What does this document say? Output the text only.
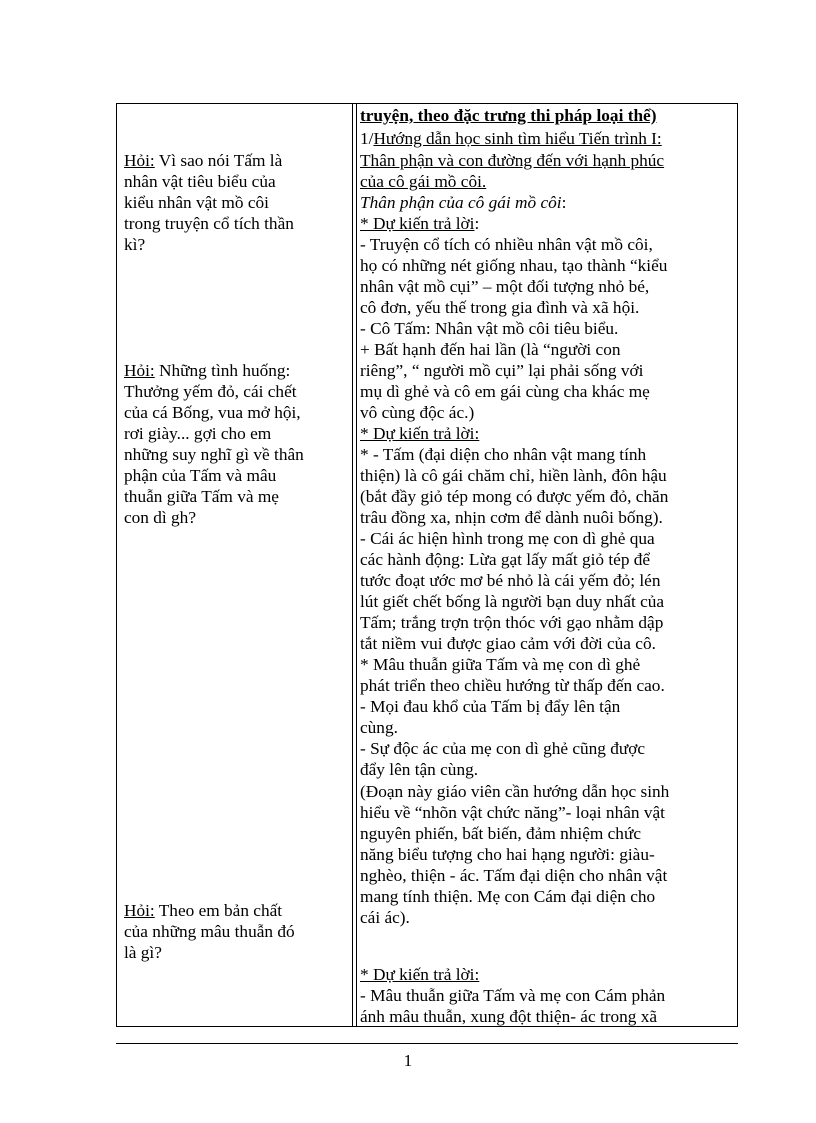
Hỏi: Vì sao nói Tấm là
nhân vật tiêu biểu của
kiểu nhân vật mồ côi
trong truyện cổ tích thần
kì?
Hỏi: Những tình huống:
Thưởng yếm đỏ, cái chết
của cá Bống, vua mở hội,
rơi giày... gợi cho em
những suy nghĩ gì về thân
phận của Tấm và mâu
thuẫn giữa Tấm và mẹ
con dì gh?
Hỏi: Theo em bản chất
của những mâu thuẫn đó
là gì?
truyện, theo đặc trưng thi pháp loại thể)
1/Hướng dẫn học sinh tìm hiểu Tiến trình I:
Thân phận và con đường đến với hạnh phúc
của cô gái mồ côi.
Thân phận của cô gái mồ côi:
* Dự kiến trả lời:
- Truyện cổ tích có nhiều nhân vật mồ côi,
họ có những nét giống nhau, tạo thành “kiểu
nhân vật mồ cụi” – một đối tượng nhỏ bé,
cô đơn, yếu thế trong gia đình và xã hội.
- Cô Tấm: Nhân vật mồ côi tiêu biểu.
+ Bất hạnh đến hai lần (là “người con
riêng”, “ người mồ cụi” lại phải sống với
mụ dì ghẻ và cô em gái cùng cha khác mẹ
vô cùng độc ác.)
* Dự kiến trả lời:
* - Tấm (đại diện cho nhân vật mang tính
thiện) là cô gái chăm chỉ, hiền lành, đôn hậu
(bắt đầy giỏ tép mong có được yếm đỏ, chăn
trâu đồng xa, nhịn cơm để dành nuôi bống).
- Cái ác hiện hình trong mẹ con dì ghẻ qua
các hành động: Lừa gạt lấy mất giỏ tép để
tước đoạt ước mơ bé nhỏ là cái yếm đỏ; lén
lút giết chết bống là người bạn duy nhất của
Tấm; trắng trợn trộn thóc với gạo nhằm dập
tắt niềm vui được giao cảm với đời của cô.
* Mâu thuẫn giữa Tấm và mẹ con dì ghẻ
phát triển theo chiều hướng từ thấp đến cao.
- Mọi đau khổ của Tấm bị đẩy lên tận
cùng.
- Sự độc ác của mẹ con dì ghẻ cũng được
đẩy lên tận cùng.
(Đoạn này giáo viên cần hướng dẫn học sinh
hiểu về “nhõn vật chức năng”- loại nhân vật
nguyên phiến, bất biến, đảm nhiệm chức
năng biểu tượng cho hai hạng người: giàu-
nghèo, thiện - ác. Tấm đại diện cho nhân vật
mang tính thiện. Mẹ con Cám đại diện cho
cái ác).
* Dự kiến trả lời:
- Mâu thuẫn giữa Tấm và mẹ con Cám phản
ánh mâu thuẫn, xung đột thiện- ác trong xã
1
